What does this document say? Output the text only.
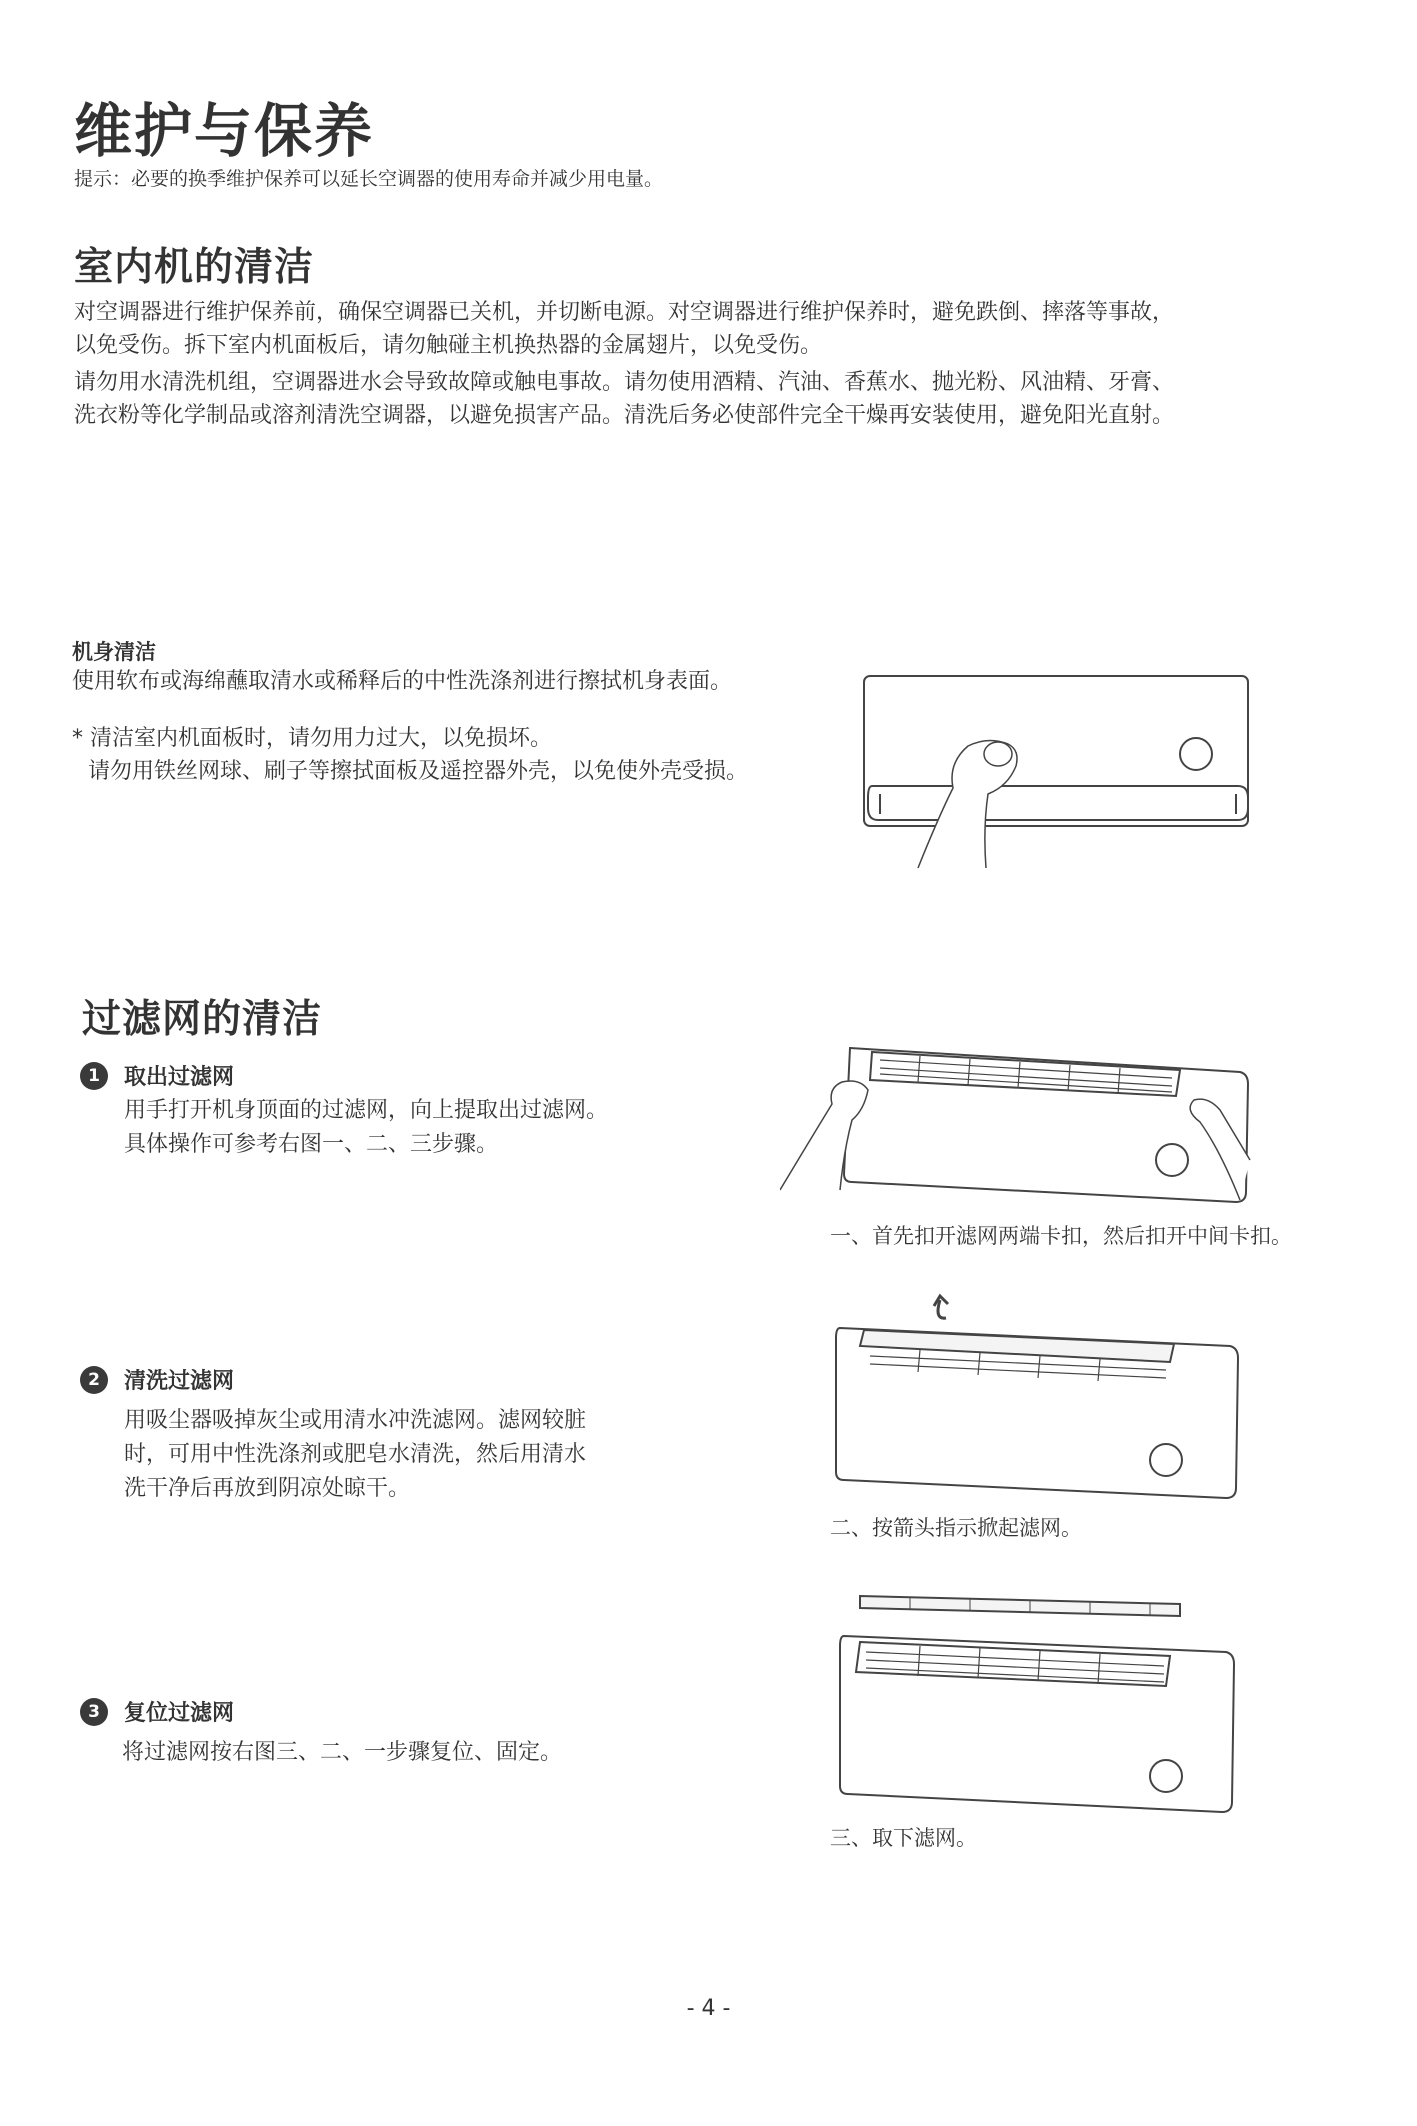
维护与保养
提示：必要的换季维护保养可以延长空调器的使用寿命并减少用电量。
室内机的清洁
对空调器进行维护保养前，确保空调器已关机，并切断电源。对空调器进行维护保养时，避免跌倒、摔落等事故，
以免受伤。拆下室内机面板后，请勿触碰主机换热器的金属翅片，以免受伤。
请勿用水清洗机组，空调器进水会导致故障或触电事故。请勿使用酒精、汽油、香蕉水、抛光粉、风油精、牙膏、
洗衣粉等化学制品或溶剂清洗空调器，以避免损害产品。清洗后务必使部件完全干燥再安装使用，避免阳光直射。
机身清洁
使用软布或海绵蘸取清水或稀释后的中性洗涤剂进行擦拭机身表面。
* 清洁室内机面板时，请勿用力过大，以免损坏。
请勿用铁丝网球、刷子等擦拭面板及遥控器外壳，以免使外壳受损。
过滤网的清洁
1	取出过滤网
用手打开机身顶面的过滤网，向上提取出过滤网。
具体操作可参考右图一、二、三步骤。
2	清洗过滤网
用吸尘器吸掉灰尘或用清水冲洗滤网。滤网较脏
时，可用中性洗涤剂或肥皂水清洗，然后用清水
洗干净后再放到阴凉处晾干。
3	复位过滤网
将过滤网按右图三、二、一步骤复位、固定。
一、首先扣开滤网两端卡扣，然后扣开中间卡扣。
二、按箭头指示掀起滤网。
三、取下滤网。
- 4 -
